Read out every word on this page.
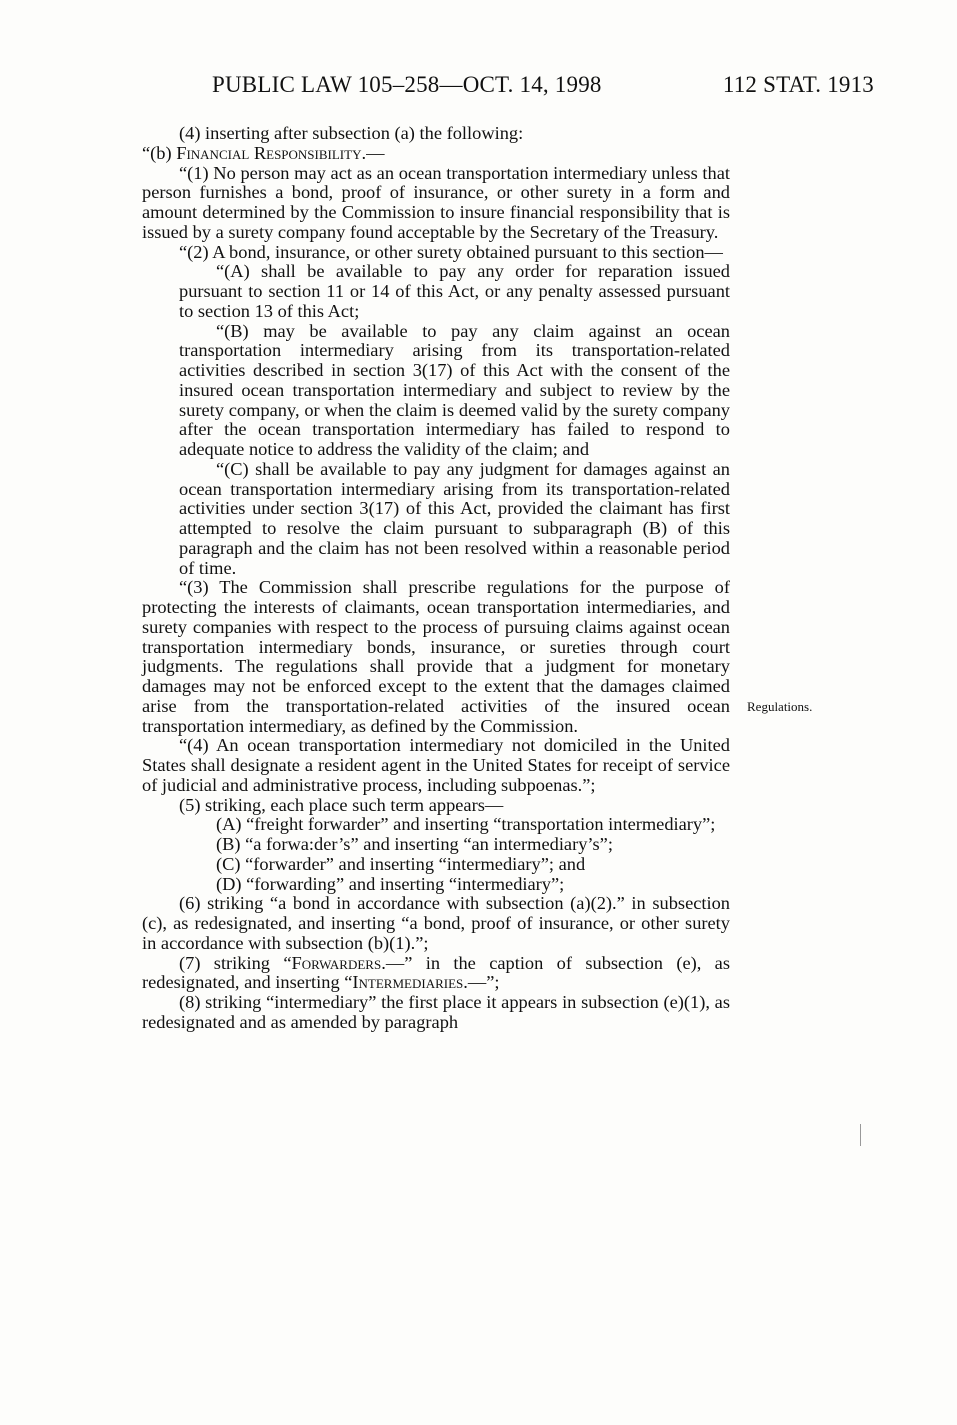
PUBLIC LAW 105–258—OCT. 14, 1998	112 STAT. 1913

(4) inserting after subsection (a) the following:

“(b) Financial Responsibility.—

“(1) No person may act as an ocean transportation intermediary unless that person furnishes a bond, proof of insurance, or other surety in a form and amount determined by the Commission to insure financial responsibility that is issued by a surety company found acceptable by the Secretary of the Treasury.

“(2) A bond, insurance, or other surety obtained pursuant to this section—

“(A) shall be available to pay any order for reparation issued pursuant to section 11 or 14 of this Act, or any penalty assessed pursuant to section 13 of this Act;

“(B) may be available to pay any claim against an ocean transportation intermediary arising from its transportation-related activities described in section 3(17) of this Act with the consent of the insured ocean transportation intermediary and subject to review by the surety company, or when the claim is deemed valid by the surety company after the ocean transportation intermediary has failed to respond to adequate notice to address the validity of the claim; and

“(C) shall be available to pay any judgment for damages against an ocean transportation intermediary arising from its transportation-related activities under section 3(17) of this Act, provided the claimant has first attempted to resolve the claim pursuant to subparagraph (B) of this paragraph and the claim has not been resolved within a reasonable period of time.

“(3) The Commission shall prescribe regulations for the purpose of protecting the interests of claimants, ocean transportation intermediaries, and surety companies with respect to the process of pursuing claims against ocean transportation intermediary bonds, insurance, or sureties through court judgments. The regulations shall provide that a judgment for monetary damages may not be enforced except to the extent that the damages claimed arise from the transportation-related activities of the insured ocean transportation intermediary, as defined by the Commission.

“(4) An ocean transportation intermediary not domiciled in the United States shall designate a resident agent in the United States for receipt of service of judicial and administrative process, including subpoenas.”;

(5) striking, each place such term appears—

(A) “freight forwarder” and inserting “transportation intermediary”;

(B) “a forwa:der’s” and inserting “an intermediary’s”;

(C) “forwarder” and inserting “intermediary”; and

(D) “forwarding” and inserting “intermediary”;

(6) striking “a bond in accordance with subsection (a)(2).” in subsection (c), as redesignated, and inserting “a bond, proof of insurance, or other surety in accordance with subsection (b)(1).”;

(7) striking “Forwarders.—” in the caption of subsection (e), as redesignated, and inserting “Intermediaries.—”;

(8) striking “intermediary” the first place it appears in subsection (e)(1), as redesignated and as amended by paragraph

Regulations.
